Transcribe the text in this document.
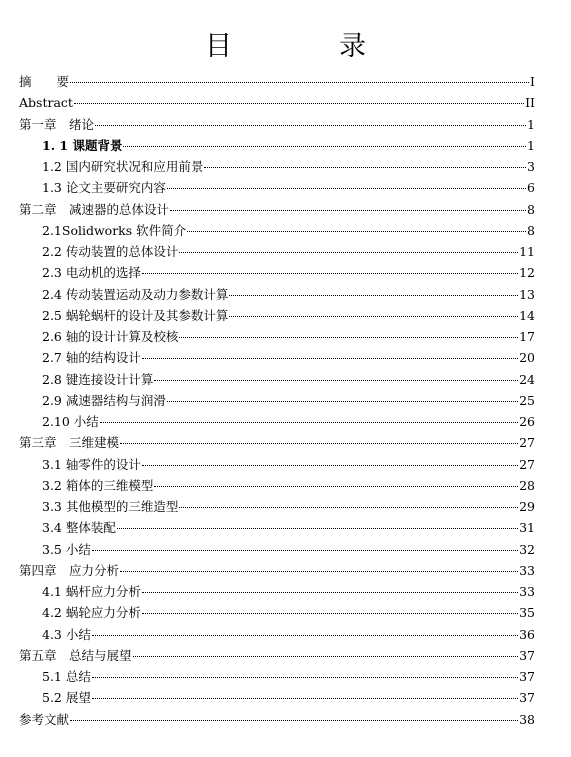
目　录
摘　　要	I
Abstract	II
第一章　绪论	1
1. 1 课题背景	1
1.2 国内研究状况和应用前景	3
1.3 论文主要研究内容	6
第二章　减速器的总体设计	8
2.1Solidworks 软件简介	8
2.2 传动装置的总体设计	11
2.3 电动机的选择	12
2.4 传动装置运动及动力参数计算	13
2.5 蜗轮蜗杆的设计及其参数计算	14
2.6 轴的设计计算及校核	17
2.7 轴的结构设计	20
2.8 键连接设计计算	24
2.9 减速器结构与润滑	25
2.10 小结	26
第三章　三维建模	27
3.1 轴零件的设计	27
3.2 箱体的三维模型	28
3.3 其他模型的三维造型	29
3.4 整体装配	31
3.5 小结	32
第四章　应力分析	33
4.1 蜗杆应力分析	33
4.2 蜗轮应力分析	35
4.3 小结	36
第五章　总结与展望	37
5.1 总结	37
5.2 展望	37
参考文献	38
